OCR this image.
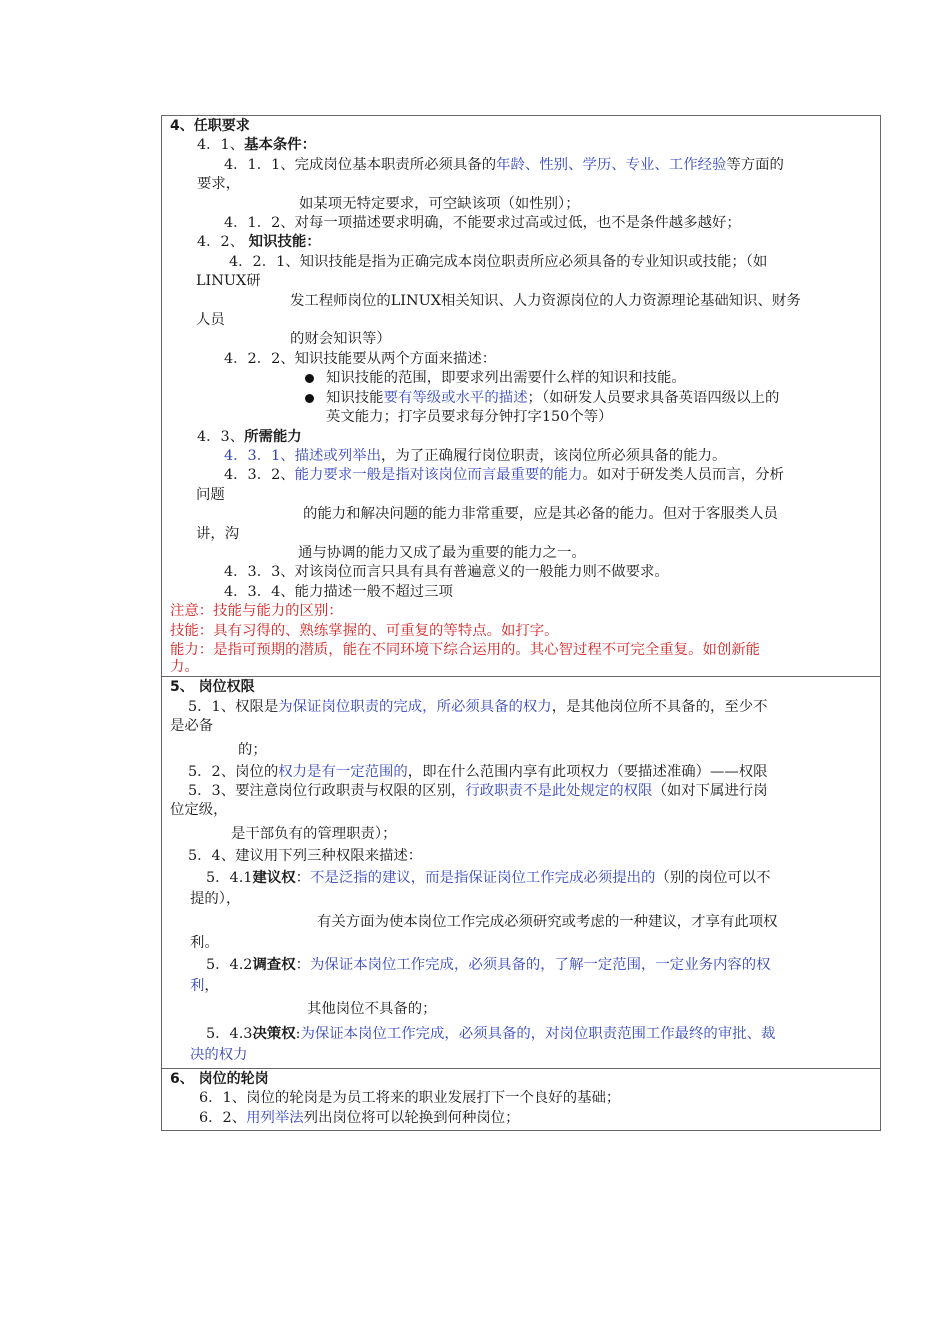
4、任职要求
4．1、基本条件：
4．1．1、完成岗位基本职责所必须具备的年龄、性别、学历、专业、工作经验等方面的
要求，
如某项无特定要求，可空缺该项（如性别）；
4．1．2、对每一项描述要求明确，不能要求过高或过低，也不是条件越多越好；
4．2、 知识技能：
4．2．1、知识技能是指为正确完成本岗位职责所应必须具备的专业知识或技能；（如
LINUX研
发工程师岗位的LINUX相关知识、人力资源岗位的人力资源理论基础知识、财务
人员
的财会知识等）
4．2．2、知识技能要从两个方面来描述：
知识技能的范围，即要求列出需要什么样的知识和技能。
知识技能要有等级或水平的描述；（如研发人员要求具备英语四级以上的
英文能力；打字员要求每分钟打字150个等）
4．3、所需能力
4．3．1、描述或列举出，为了正确履行岗位职责，该岗位所必须具备的能力。
4．3．2、能力要求一般是指对该岗位而言最重要的能力。如对于研发类人员而言，分析
问题
的能力和解决问题的能力非常重要，应是其必备的能力。但对于客服类人员
讲，沟
通与协调的能力又成了最为重要的能力之一。
4．3．3、对该岗位而言只具有具有普遍意义的一般能力则不做要求。
4．3．4、能力描述一般不超过三项
注意：技能与能力的区别：
技能：具有习得的、熟练掌握的、可重复的等特点。如打字。
能力：是指可预期的潜质，能在不同环境下综合运用的。其心智过程不可完全重复。如创新能
力。
5、 岗位权限
5．1、权限是为保证岗位职责的完成，所必须具备的权力，是其他岗位所不具备的，至少不
是必备
的；
5．2、岗位的权力是有一定范围的，即在什么范围内享有此项权力（要描述准确）——权限
5．3、要注意岗位行政职责与权限的区别，行政职责不是此处规定的权限（如对下属进行岗
位定级，
是干部负有的管理职责）；
5．4、建议用下列三种权限来描述：
5．4.1建议权：不是泛指的建议，而是指保证岗位工作完成必须提出的（别的岗位可以不
提的），
有关方面为使本岗位工作完成必须研究或考虑的一种建议，才享有此项权
利。
5．4.2调查权：为保证本岗位工作完成，必须具备的，了解一定范围，一定业务内容的权
利，
其他岗位不具备的；
5．4.3决策权:为保证本岗位工作完成，必须具备的，对岗位职责范围工作最终的审批、裁
决的权力
6、 岗位的轮岗
6．1、岗位的轮岗是为员工将来的职业发展打下一个良好的基础；
6．2、用列举法列出岗位将可以轮换到何种岗位；
